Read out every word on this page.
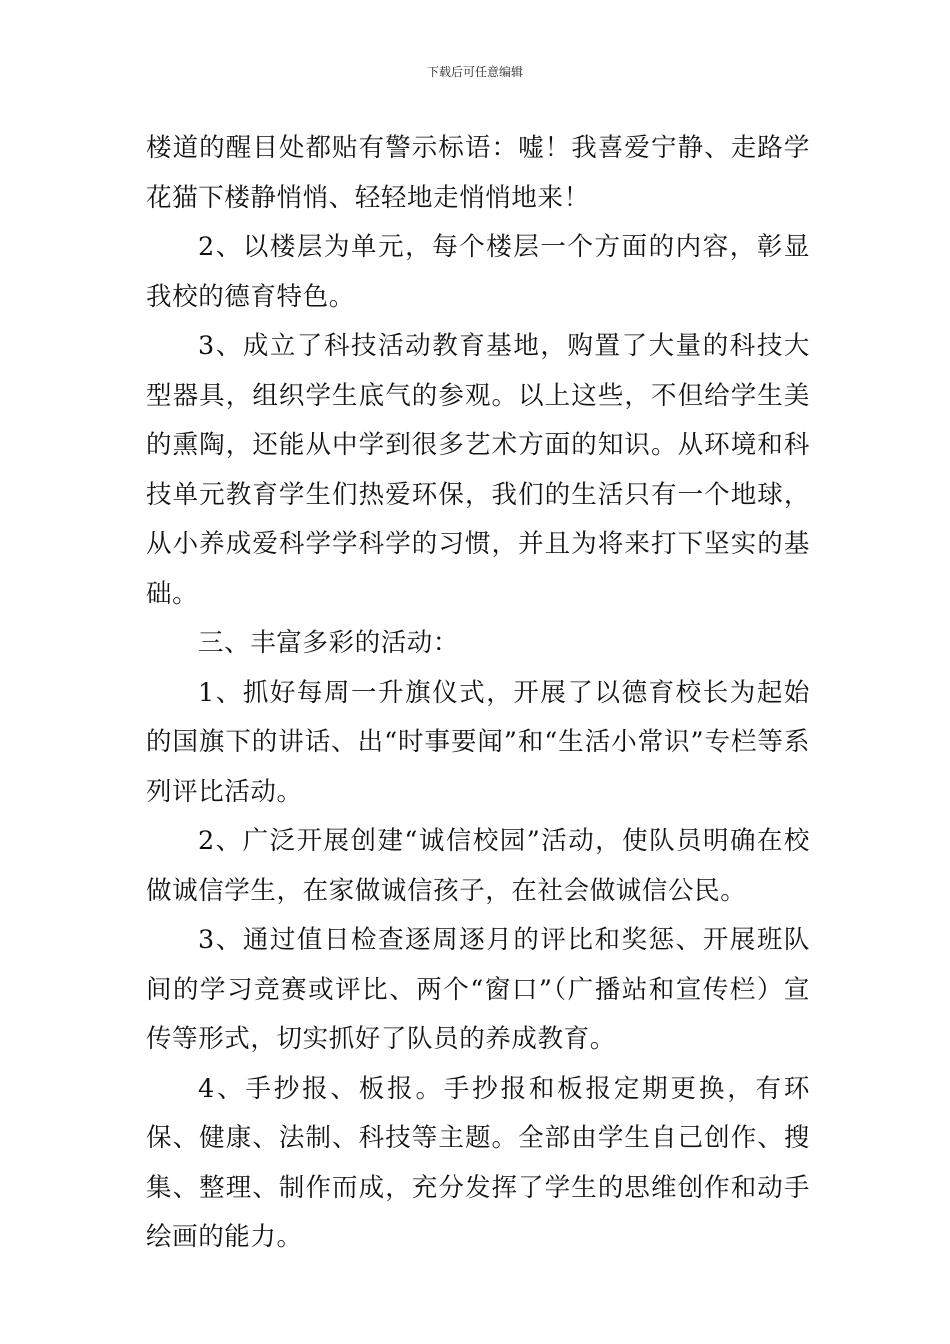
下载后可任意编辑

楼道的醒目处都贴有警示标语：嘘！我喜爱宁静、走路学花猫下楼静悄悄、轻轻地走悄悄地来！

2、以楼层为单元，每个楼层一个方面的内容，彰显我校的德育特色。

3、成立了科技活动教育基地，购置了大量的科技大型器具，组织学生底气的参观。以上这些，不但给学生美的熏陶，还能从中学到很多艺术方面的知识。从环境和科技单元教育学生们热爱环保，我们的生活只有一个地球，从小养成爱科学学科学的习惯，并且为将来打下坚实的基础。

三、丰富多彩的活动：

1、抓好每周一升旗仪式，开展了以德育校长为起始的国旗下的讲话、出“时事要闻”和“生活小常识”专栏等系列评比活动。

2、广泛开展创建“诚信校园”活动，使队员明确在校做诚信学生，在家做诚信孩子，在社会做诚信公民。

3、通过值日检查逐周逐月的评比和奖惩、开展班队间的学习竞赛或评比、两个“窗口”（广播站和宣传栏）宣传等形式，切实抓好了队员的养成教育。

4、手抄报、板报。手抄报和板报定期更换，有环保、健康、法制、科技等主题。全部由学生自己创作、搜集、整理、制作而成，充分发挥了学生的思维创作和动手绘画的能力。
